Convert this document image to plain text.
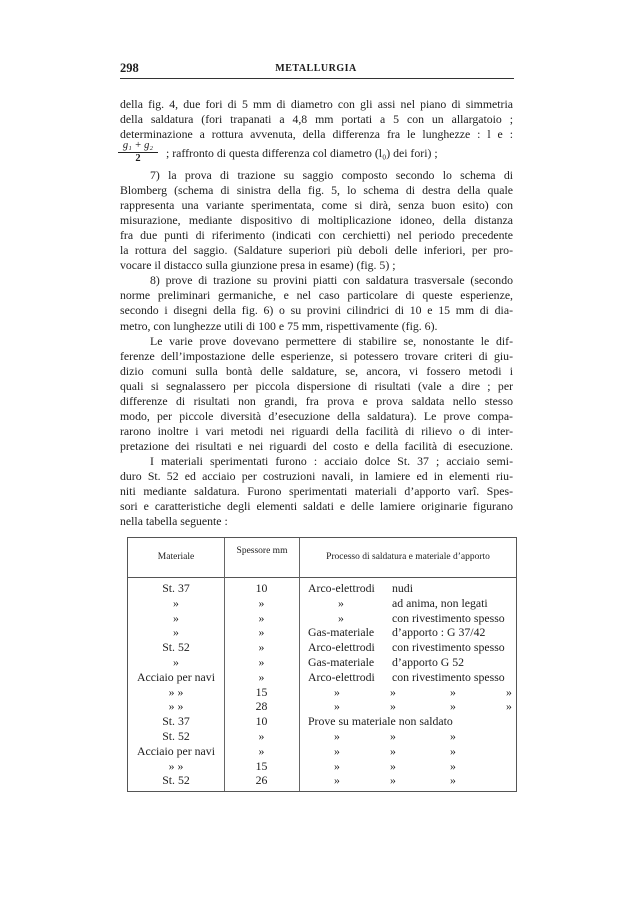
298	METALLURGIA
della fig. 4, due fori di 5 mm di diametro con gli assi nel piano di simmetria
della saldatura (fori trapanati a 4,8 mm portati a 5 con un allargatoio ;
determinazione a rottura avvenuta, della differenza fra le lunghezze : l e :
; raffronto di questa differenza col diametro (l₀) dei fori) ;
7) la prova di trazione su saggio composto secondo lo schema di
Blomberg (schema di sinistra della fig. 5, lo schema di destra della quale
rappresenta una variante sperimentata, come si dirà, senza buon esito) con
misurazione, mediante dispositivo di moltiplicazione idoneo, della distanza
fra due punti di riferimento (indicati con cerchietti) nel periodo precedente
la rottura del saggio. (Saldature superiori più deboli delle inferiori, per pro-
vocare il distacco sulla giunzione presa in esame) (fig. 5) ;
8) prove di trazione su provini piatti con saldatura trasversale (secondo
norme preliminari germaniche, e nel caso particolare di queste esperienze,
secondo i disegni della fig. 6) o su provini cilindrici di 10 e 15 mm di dia-
metro, con lunghezze utili di 100 e 75 mm, rispettivamente (fig. 6).
Le varie prove dovevano permettere di stabilire se, nonostante le dif-
ferenze dell’impostazione delle esperienze, si potessero trovare criteri di giu-
dizio comuni sulla bontà delle saldature, se, ancora, vi fossero metodi i
quali si segnalassero per piccola dispersione di risultati (vale a dire ; per
differenze di risultati non grandi, fra prova e prova saldata nello stesso
modo, per piccole diversità d’esecuzione della saldatura). Le prove compa-
rarono inoltre i vari metodi nei riguardi della facilità di rilievo o di inter-
pretazione dei risultati e nei riguardi del costo e della facilità di esecuzione.
I materiali sperimentati furono : acciaio dolce St. 37 ; acciaio semi-
duro St. 52 ed acciaio per costruzioni navali, in lamiere ed in elementi riu-
niti mediante saldatura. Furono sperimentati materiali d’apporto varî. Spes-
sori e caratteristiche degli elementi saldati e delle lamiere originarie figurano
nella tabella seguente :
$\frac{\text{g₁ + g₂}}{2}$
Materiale
Spessore mm
Processo di saldatura e materiale d’apporto
St. 37	10	Arco-elettrodi	nudi
»	»	»	ad anima, non legati
»	»	»	con rivestimento spesso
»	»	Gas-materiale	d’apporto : G 37/42
St. 52	»	Arco-elettrodi	con rivestimento spesso
»	»	Gas-materiale	d’apporto G 52
Acciaio per navi	»	Arco-elettrodi	con rivestimento spesso
» »	15	»	»	»	»
» »	28	»	»	»	»
St. 37	10	Prove su materiale non saldato
St. 52	»	»	»	»
Acciaio per navi	»	»	»	»
» »	15	»	»	»
St. 52	26	»	»	»
